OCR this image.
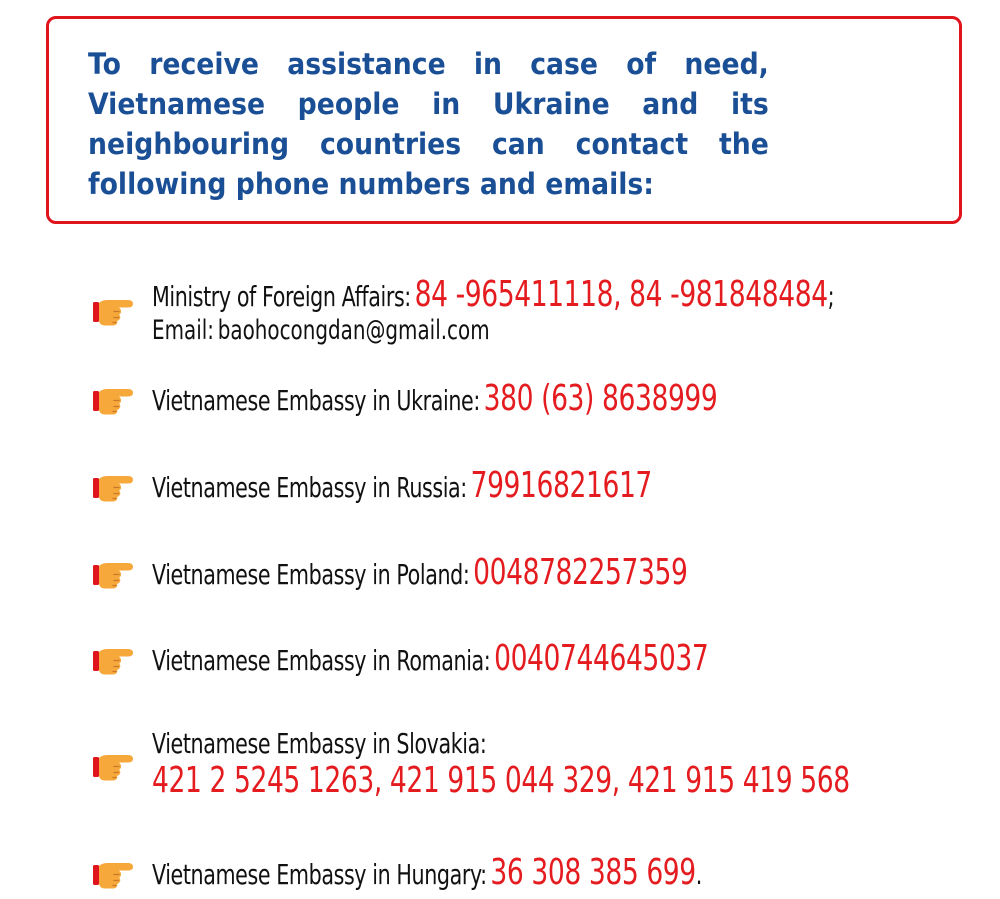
To receive assistance in case of need, Vietnamese people in Ukraine and its neighbouring countries can contact the following phone numbers and emails:

Ministry of Foreign Affairs: 84 -965411118, 84 -981848484;
Email: baohocongdan@gmail.com
Vietnamese Embassy in Ukraine: 380 (63) 8638999
Vietnamese Embassy in Russia: 79916821617
Vietnamese Embassy in Poland: 0048782257359
Vietnamese Embassy in Romania: 0040744645037
Vietnamese Embassy in Slovakia:
421 2 5245 1263, 421 915 044 329, 421 915 419 568
Vietnamese Embassy in Hungary: 36 308 385 699.
